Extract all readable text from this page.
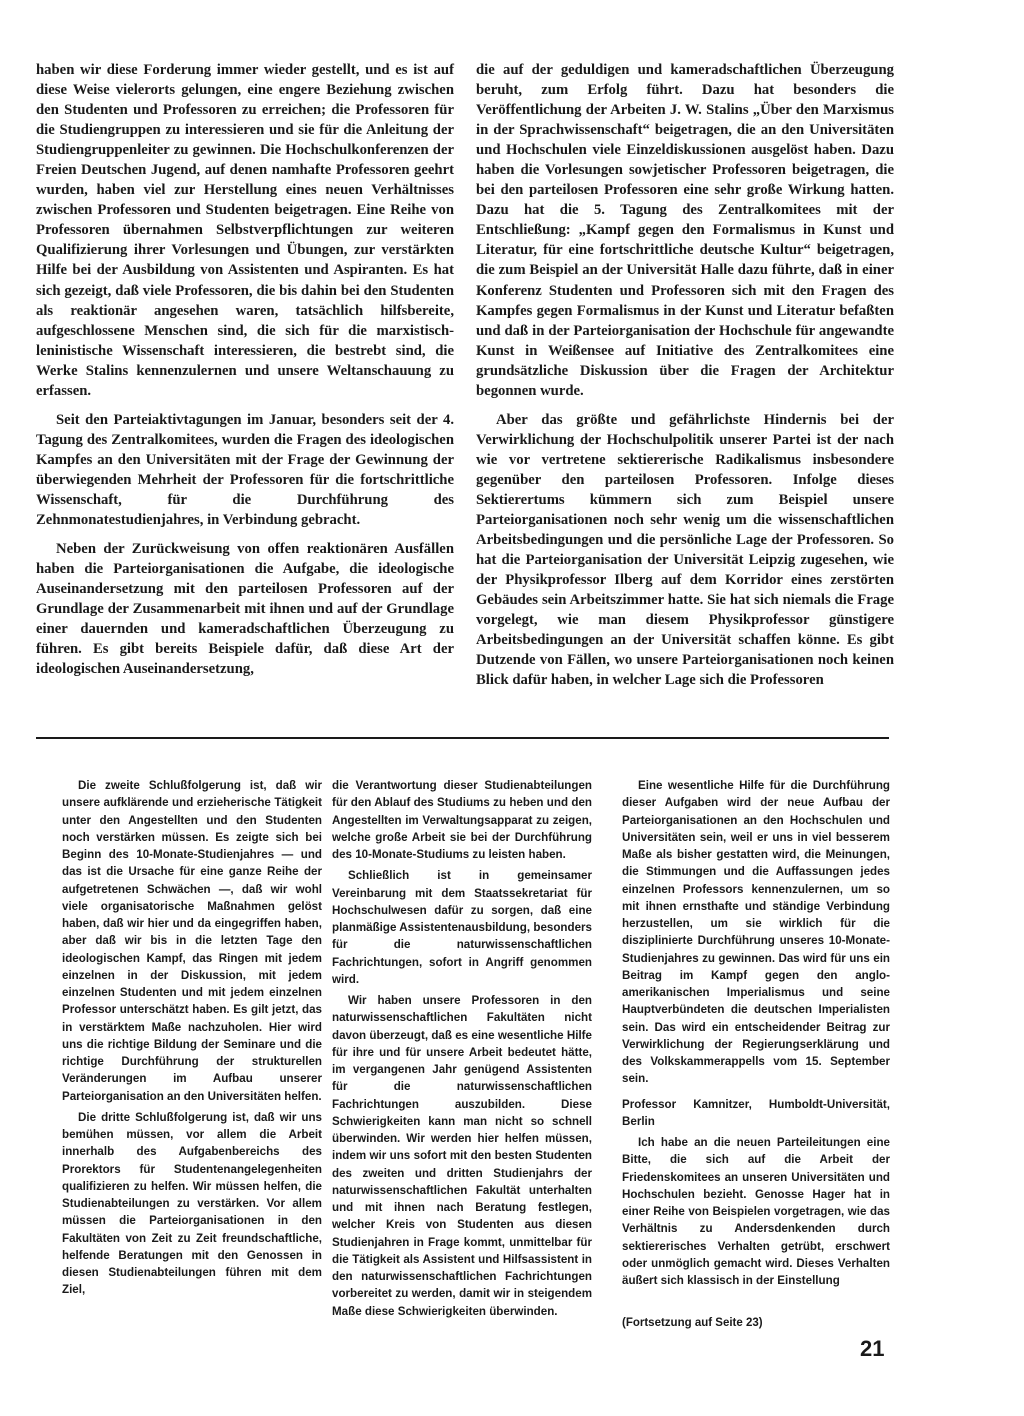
haben wir diese Forderung immer wieder gestellt, und es ist auf diese Weise vielerorts gelungen, eine engere Beziehung zwischen den Studenten und Professoren zu erreichen; die Professoren für die Studiengruppen zu interessieren und sie für die Anleitung der Studiengruppenleiter zu gewinnen. Die Hochschulkonferenzen der Freien Deutschen Jugend, auf denen namhafte Professoren geehrt wurden, haben viel zur Herstellung eines neuen Verhältnisses zwischen Professoren und Studenten beigetragen. Eine Reihe von Professoren übernahmen Selbstverpflichtungen zur weiteren Qualifizierung ihrer Vorlesungen und Übungen, zur verstärkten Hilfe bei der Ausbildung von Assistenten und Aspiranten. Es hat sich gezeigt, daß viele Professoren, die bis dahin bei den Studenten als reaktionär angesehen waren, tatsächlich hilfsbereite, aufgeschlossene Menschen sind, die sich für die marxistisch-leninistische Wissenschaft interessieren, die bestrebt sind, die Werke Stalins kennenzulernen und unsere Weltanschauung zu erfassen.

Seit den Parteiaktivtagungen im Januar, besonders seit der 4. Tagung des Zentralkomitees, wurden die Fragen des ideologischen Kampfes an den Universitäten mit der Frage der Gewinnung der überwiegenden Mehrheit der Professoren für die fortschrittliche Wissenschaft, für die Durchführung des Zehnmonatestudienjahres, in Verbindung gebracht.

Neben der Zurückweisung von offen reaktionären Ausfällen haben die Parteiorganisationen die Aufgabe, die ideologische Auseinandersetzung mit den parteilosen Professoren auf der Grundlage der Zusammenarbeit mit ihnen und auf der Grundlage einer dauernden und kameradschaftlichen Überzeugung zu führen. Es gibt bereits Beispiele dafür, daß diese Art der ideologischen Auseinandersetzung,

die auf der geduldigen und kameradschaftlichen Überzeugung beruht, zum Erfolg führt. Dazu hat besonders die Veröffentlichung der Arbeiten J. W. Stalins „Über den Marxismus in der Sprachwissenschaft“ beigetragen, die an den Universitäten und Hochschulen viele Einzeldiskussionen ausgelöst haben. Dazu haben die Vorlesungen sowjetischer Professoren beigetragen, die bei den parteilosen Professoren eine sehr große Wirkung hatten. Dazu hat die 5. Tagung des Zentralkomitees mit der Entschließung: „Kampf gegen den Formalismus in Kunst und Literatur, für eine fortschrittliche deutsche Kultur“ beigetragen, die zum Beispiel an der Universität Halle dazu führte, daß in einer Konferenz Studenten und Professoren sich mit den Fragen des Kampfes gegen Formalismus in der Kunst und Literatur befaßten und daß in der Parteiorganisation der Hochschule für angewandte Kunst in Weißensee auf Initiative des Zentralkomitees eine grundsätzliche Diskussion über die Fragen der Architektur begonnen wurde.

Aber das größte und gefährlichste Hindernis bei der Verwirklichung der Hochschulpolitik unserer Partei ist der nach wie vor vertretene sektiererische Radikalismus insbesondere gegenüber den parteilosen Professoren. Infolge dieses Sektierertums kümmern sich zum Beispiel unsere Parteiorganisationen noch sehr wenig um die wissenschaftlichen Arbeitsbedingungen und die persönliche Lage der Professoren. So hat die Parteiorganisation der Universität Leipzig zugesehen, wie der Physikprofessor Ilberg auf dem Korridor eines zerstörten Gebäudes sein Arbeitszimmer hatte. Sie hat sich niemals die Frage vorgelegt, wie man diesem Physikprofessor günstigere Arbeitsbedingungen an der Universität schaffen könne. Es gibt Dutzende von Fällen, wo unsere Parteiorganisationen noch keinen Blick dafür haben, in welcher Lage sich die Professoren

Die zweite Schlußfolgerung ist, daß wir unsere aufklärende und erzieherische Tätigkeit unter den Angestellten und den Studenten noch verstärken müssen. Es zeigte sich bei Beginn des 10-Monate-Studienjahres — und das ist die Ursache für eine ganze Reihe der aufgetretenen Schwächen —, daß wir wohl viele organisatorische Maßnahmen gelöst haben, daß wir hier und da eingegriffen haben, aber daß wir bis in die letzten Tage den ideologischen Kampf, das Ringen mit jedem einzelnen in der Diskussion, mit jedem einzelnen Studenten und mit jedem einzelnen Professor unterschätzt haben. Es gilt jetzt, das in verstärktem Maße nachzuholen. Hier wird uns die richtige Bildung der Seminare und die richtige Durchführung der strukturellen Veränderungen im Aufbau unserer Parteiorganisation an den Universitäten helfen.

Die dritte Schlußfolgerung ist, daß wir uns bemühen müssen, vor allem die Arbeit innerhalb des Aufgabenbereichs des Prorektors für Studentenangelegenheiten qualifizieren zu helfen. Wir müssen helfen, die Studienabteilungen zu verstärken. Vor allem müssen die Parteiorganisationen in den Fakultäten von Zeit zu Zeit freundschaftliche, helfende Beratungen mit den Genossen in diesen Studienabteilungen führen mit dem Ziel,

die Verantwortung dieser Studienabteilungen für den Ablauf des Studiums zu heben und den Angestellten im Verwaltungsapparat zu zeigen, welche große Arbeit sie bei der Durchführung des 10-Monate-Studiums zu leisten haben.

Schließlich ist in gemeinsamer Vereinbarung mit dem Staatssekretariat für Hochschulwesen dafür zu sorgen, daß eine planmäßige Assistentenausbildung, besonders für die naturwissenschaftlichen Fachrichtungen, sofort in Angriff genommen wird.

Wir haben unsere Professoren in den naturwissenschaftlichen Fakultäten nicht davon überzeugt, daß es eine wesentliche Hilfe für ihre und für unsere Arbeit bedeutet hätte, im vergangenen Jahr genügend Assistenten für die naturwissenschaftlichen Fachrichtungen auszubilden. Diese Schwierigkeiten kann man nicht so schnell überwinden. Wir werden hier helfen müssen, indem wir uns sofort mit den besten Studenten des zweiten und dritten Studienjahrs der naturwissenschaftlichen Fakultät unterhalten und mit ihnen nach Beratung festlegen, welcher Kreis von Studenten aus diesen Studienjahren in Frage kommt, unmittelbar für die Tätigkeit als Assistent und Hilfsassistent in den naturwissenschaftlichen Fachrichtungen vorbereitet zu werden, damit wir in steigendem Maße diese Schwierigkeiten überwinden.

Eine wesentliche Hilfe für die Durchführung dieser Aufgaben wird der neue Aufbau der Parteiorganisationen an den Hochschulen und Universitäten sein, weil er uns in viel besserem Maße als bisher gestatten wird, die Meinungen, die Stimmungen und die Auffassungen jedes einzelnen Professors kennenzulernen, um so mit ihnen ernsthafte und ständige Verbindung herzustellen, um sie wirklich für die disziplinierte Durchführung unseres 10-Monate-Studienjahres zu gewinnen. Das wird für uns ein Beitrag im Kampf gegen den anglo-amerikanischen Imperialismus und seine Hauptverbündeten die deutschen Imperialisten sein. Das wird ein entscheidender Beitrag zur Verwirklichung der Regierungserklärung und des Volkskammerappells vom 15. September sein.

Professor Kamnitzer, Humboldt-Universität, Berlin

Ich habe an die neuen Parteileitungen eine Bitte, die sich auf die Arbeit der Friedenskomitees an unseren Universitäten und Hochschulen bezieht. Genosse Hager hat in einer Reihe von Beispielen vorgetragen, wie das Verhältnis zu Andersdenkenden durch sektiererisches Verhalten getrübt, erschwert oder unmöglich gemacht wird. Dieses Verhalten äußert sich klassisch in der Einstellung

(Fortsetzung auf Seite 23)
21
